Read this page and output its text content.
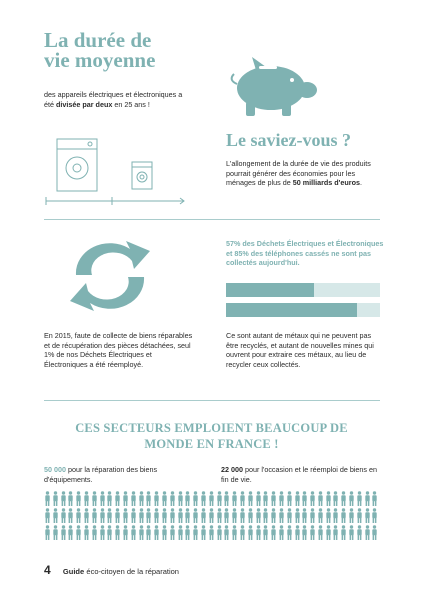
La durée de vie moyenne
des appareils électriques et électroniques a été divisée par deux en 25 ans !
Le saviez-vous ?
L'allongement de la durée de vie des produits pourrait générer des économies pour les ménages de plus de 50 milliards d'euros.
57% des Déchets Électriques et Électroniques et 85% des téléphones cassés ne sont pas collectés aujourd'hui.
En 2015, faute de collecte de biens réparables et de récupération des pièces détachées, seul 1% de nos Déchets Électriques et Électroniques a été réemployé.
Ce sont autant de métaux qui ne peuvent pas être recyclés, et autant de nouvelles mines qui ouvrent pour extraire ces métaux, au lieu de recycler ceux collectés.
CES SECTEURS EMPLOIENT BEAUCOUP DE MONDE EN FRANCE !
50 000 pour la réparation des biens d'équipements.
22 000 pour l'occasion et le réemploi de biens en fin de vie.
4 Guide éco-citoyen de la réparation
